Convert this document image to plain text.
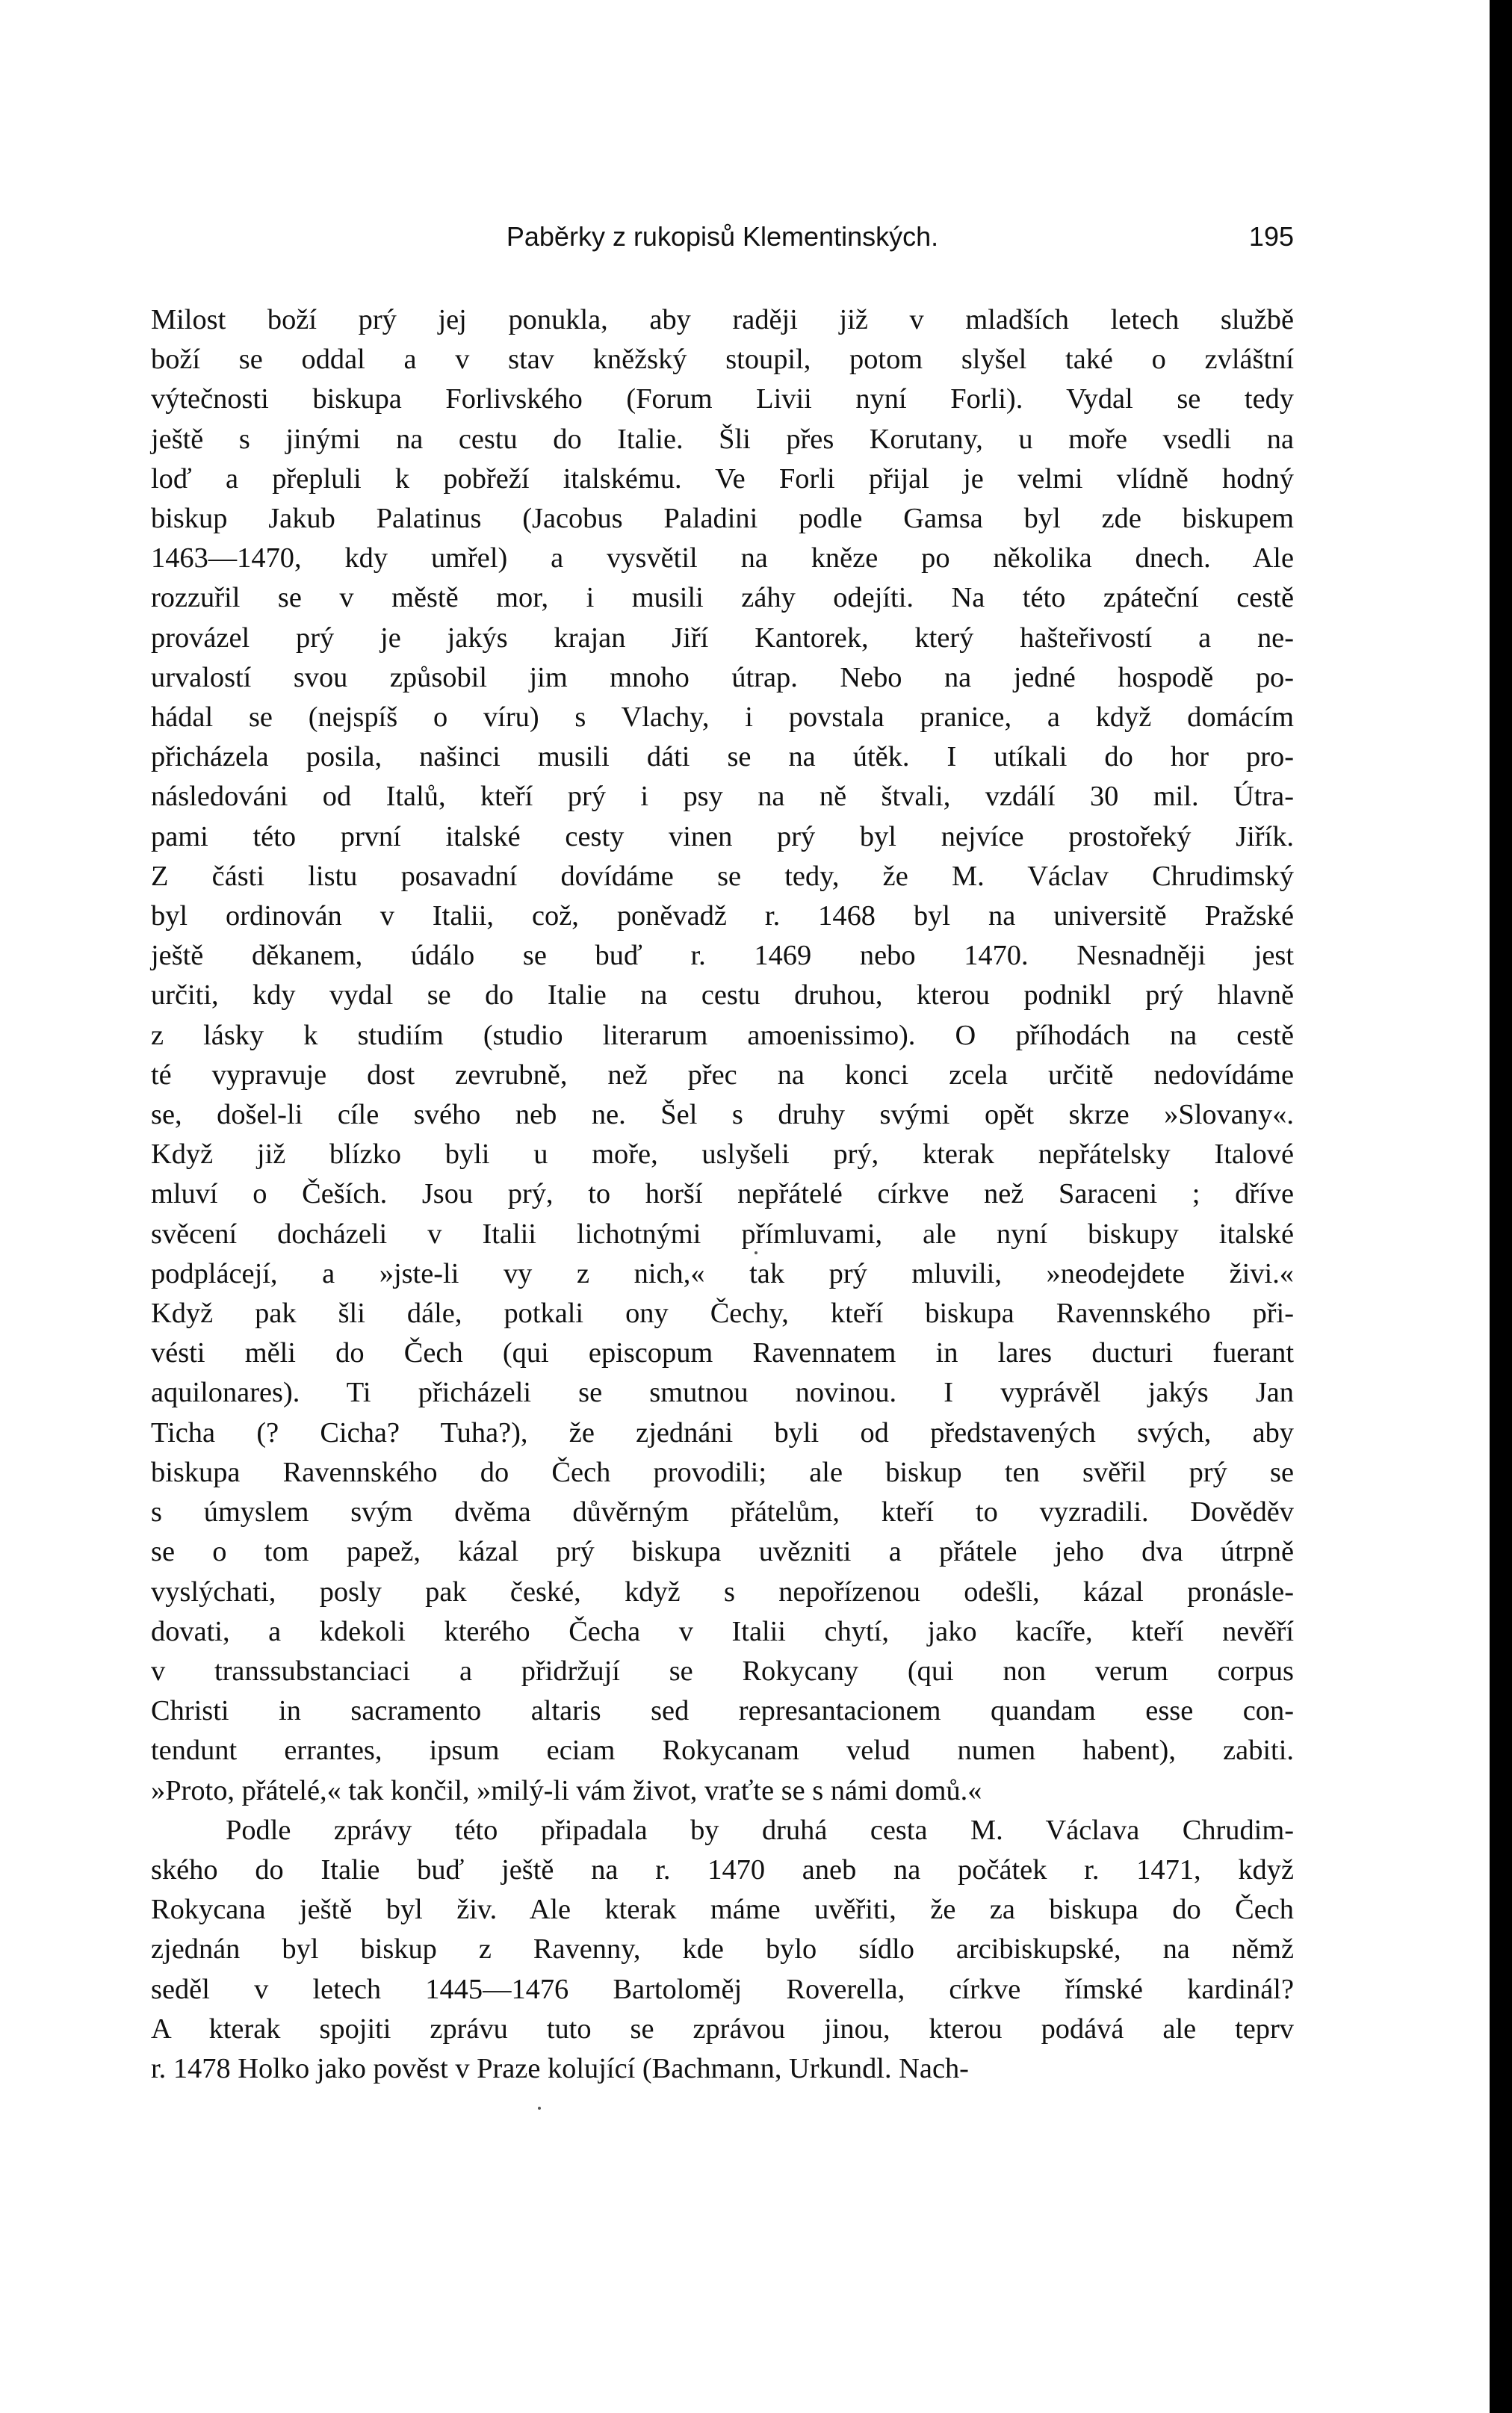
Paběrky z rukopisů Klementinských.	195
Milost boží prý jej ponukla, aby raději již v mladších letech službě
boží se oddal a v stav kněžský stoupil, potom slyšel také o zvláštní
výtečnosti biskupa Forlivského (Forum Livii nyní Forli). Vydal se tedy
ještě s jinými na cestu do Italie. Šli přes Korutany, u moře vsedli na
loď a přepluli k pobřeží italskému. Ve Forli přijal je velmi vlídně hodný
biskup Jakub Palatinus (Jacobus Paladini podle Gamsa byl zde biskupem
1463—1470, kdy umřel) a vysvětil na kněze po několika dnech. Ale
rozzuřil se v městě mor, i musili záhy odejíti. Na této zpáteční cestě
provázel prý je jakýs krajan Jiří Kantorek, který hašteřivostí a ne-
urvalostí svou způsobil jim mnoho útrap. Nebo na jedné hospodě po-
hádal se (nejspíš o víru) s Vlachy, i povstala pranice, a když domácím
přicházela posila, našinci musili dáti se na útěk. I utíkali do hor pro-
následováni od Italů, kteří prý i psy na ně štvali, vzdálí 30 mil. Útra-
pami této první italské cesty vinen prý byl nejvíce prostořeký Jiřík.
Z části listu posavadní dovídáme se tedy, že M. Václav Chrudimský
byl ordinován v Italii, což, poněvadž r. 1468 byl na universitě Pražské
ještě děkanem, údálo se buď r. 1469 nebo 1470. Nesnadněji jest
určiti, kdy vydal se do Italie na cestu druhou, kterou podnikl prý hlavně
z lásky k studiím (studio literarum amoenissimo). O příhodách na cestě
té vypravuje dost zevrubně, než přec na konci zcela určitě nedovídáme
se, došel-li cíle svého neb ne. Šel s druhy svými opět skrze »Slovany«.
Když již blízko byli u moře, uslyšeli prý, kterak nepřátelsky Italové
mluví o Češích. Jsou prý, to horší nepřátelé církve než Saraceni ; dříve
svěcení docházeli v Italii lichotnými přímluvami, ale nyní biskupy italské
podplácejí, a »jste-li vy z nich,« tak prý mluvili, »neodejdete živi.«
Když pak šli dále, potkali ony Čechy, kteří biskupa Ravennského při-
vésti měli do Čech (qui episcopum Ravennatem in lares ducturi fuerant
aquilonares). Ti přicházeli se smutnou novinou. I vyprávěl jakýs Jan
Ticha (? Cicha? Tuha?), že zjednáni byli od představených svých, aby
biskupa Ravennského do Čech provodili; ale biskup ten svěřil prý se
s úmyslem svým dvěma důvěrným přátelům, kteří to vyzradili. Dověděv
se o tom papež, kázal prý biskupa uvězniti a přátele jeho dva útrpně
vyslýchati, posly pak české, když s nepořízenou odešli, kázal pronásle-
dovati, a kdekoli kterého Čecha v Italii chytí, jako kacíře, kteří nevěří
v transsubstanciaci a přidržují se Rokycany (qui non verum corpus
Christi in sacramento altaris sed represantacionem quandam esse con-
tendunt errantes, ipsum eciam Rokycanam velud numen habent), zabiti.
»Proto, přátelé,« tak končil, »milý-li vám život, vraťte se s námi domů.«
Podle zprávy této připadala by druhá cesta M. Václava Chrudim-
ského do Italie buď ještě na r. 1470 aneb na počátek r. 1471, když
Rokycana ještě byl živ. Ale kterak máme uvěřiti, že za biskupa do Čech
zjednán byl biskup z Ravenny, kde bylo sídlo arcibiskupské, na němž
seděl v letech 1445—1476 Bartoloměj Roverella, církve římské kardinál?
A kterak spojiti zprávu tuto se zprávou jinou, kterou podává ale teprv
r. 1478 Holko jako pověst v Praze kolující (Bachmann, Urkundl. Nach-
